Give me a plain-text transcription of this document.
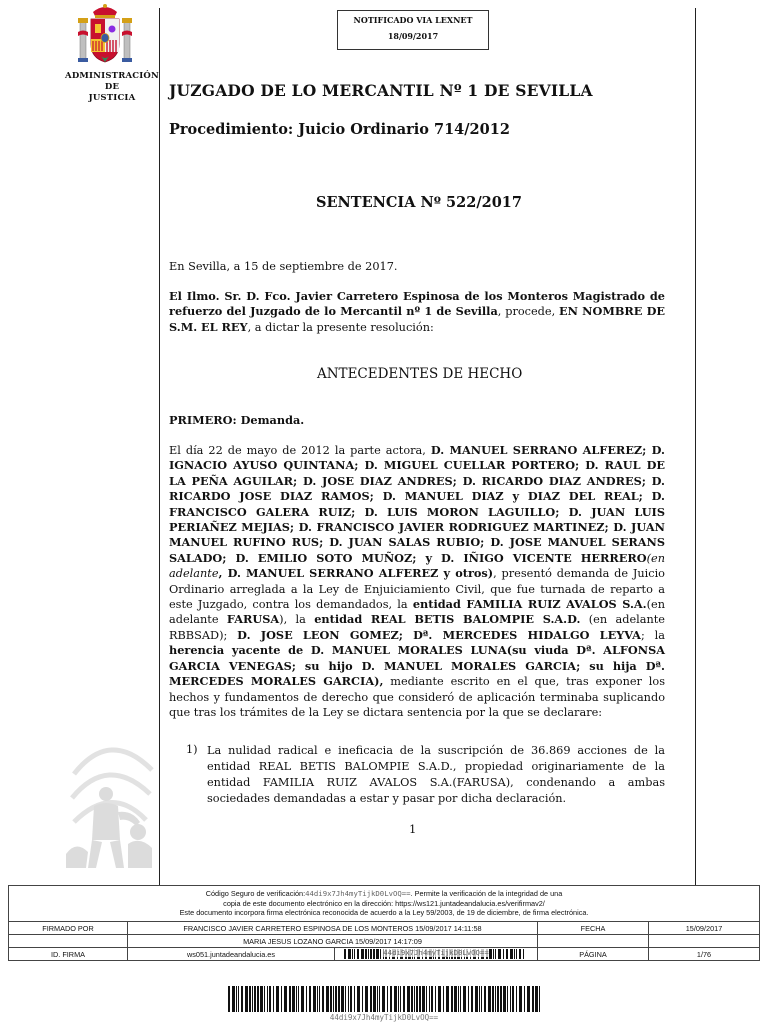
ADMINISTRACIÓN
DE
JUSTICIA
NOTIFICADO VIA LEXNET
18/09/2017
JUZGADO DE LO MERCANTIL Nº 1 DE SEVILLA
Procedimiento: Juicio Ordinario 714/2012
SENTENCIA Nº 522/2017
En Sevilla, a 15 de septiembre de 2017.
El Ilmo. Sr. D. Fco. Javier Carretero Espinosa de los Monteros Magistrado de refuerzo del Juzgado de lo Mercantil nº 1 de Sevilla, procede, EN NOMBRE DE S.M. EL REY, a dictar la presente resolución:
ANTECEDENTES DE HECHO
PRIMERO: Demanda.
El día 22 de mayo de 2012 la parte actora, D. MANUEL SERRANO ALFEREZ; D. IGNACIO AYUSO QUINTANA; D. MIGUEL CUELLAR PORTERO; D. RAUL DE LA PEÑA AGUILAR; D. JOSE DIAZ ANDRES; D. RICARDO DIAZ ANDRES; D. RICARDO JOSE DIAZ RAMOS; D. MANUEL DIAZ y DIAZ DEL REAL; D. FRANCISCO GALERA RUIZ; D. LUIS MORON LAGUILLO; D. JUAN LUIS PERIAÑEZ MEJIAS; D. FRANCISCO JAVIER RODRIGUEZ MARTINEZ; D. JUAN MANUEL RUFINO RUS; D. JUAN SALAS RUBIO; D. JOSE MANUEL SERANS SALADO; D. EMILIO SOTO MUÑOZ; y D. IÑIGO VICENTE HERRERO(en adelante, D. MANUEL SERRANO ALFEREZ y otros), presentó demanda de Juicio Ordinario arreglada a la Ley de Enjuiciamiento Civil, que fue turnada de reparto a este Juzgado, contra los demandados, la entidad FAMILIA RUIZ AVALOS S.A.(en adelante FARUSA), la entidad REAL BETIS BALOMPIE S.A.D. (en adelante RBBSAD); D. JOSE LEON GOMEZ; Dª. MERCEDES HIDALGO LEYVA; la herencia yacente de D. MANUEL MORALES LUNA(su viuda Dª. ALFONSA GARCIA VENEGAS; su hijo D. MANUEL MORALES GARCIA; su hija Dª. MERCEDES MORALES GARCIA), mediante escrito en el que, tras exponer los hechos y fundamentos de derecho que consideró de aplicación terminaba suplicando que tras los trámites de la Ley se dictara sentencia por la que se declarare:
1) La nulidad radical e ineficacia de la suscripción de 36.869 acciones de la entidad REAL BETIS BALOMPIE S.A.D., propiedad originariamente de la entidad FAMILIA RUIZ AVALOS S.A.(FARUSA), condenando a ambas sociedades demandadas a estar y pasar por dicha declaración.
1
Código Seguro de verificación:44di9x7Jh4myTijkD0LvOQ==. Permite la verificación de la integridad de una
copia de este documento electrónico en la dirección: https://ws121.juntadeandalucia.es/verifirmav2/
Este documento incorpora firma electrónica reconocida de acuerdo a la Ley 59/2003, de 19 de diciembre, de firma electrónica.				
FIRMADO POR	FRANCISCO JAVIER CARRETERO ESPINOSA DE LOS MONTEROS 15/09/2017 14:11:58		FECHA	15/09/2017
	MARIA JESUS LOZANO GARCIA 15/09/2017 14:17:09			
ID. FIRMA	ws051.juntadeandalucia.es	44di9x7Jh4myTijkD0LvOQ==	PÁGINA	1/76
44di9x7Jh4myTijkD0LvOQ==
